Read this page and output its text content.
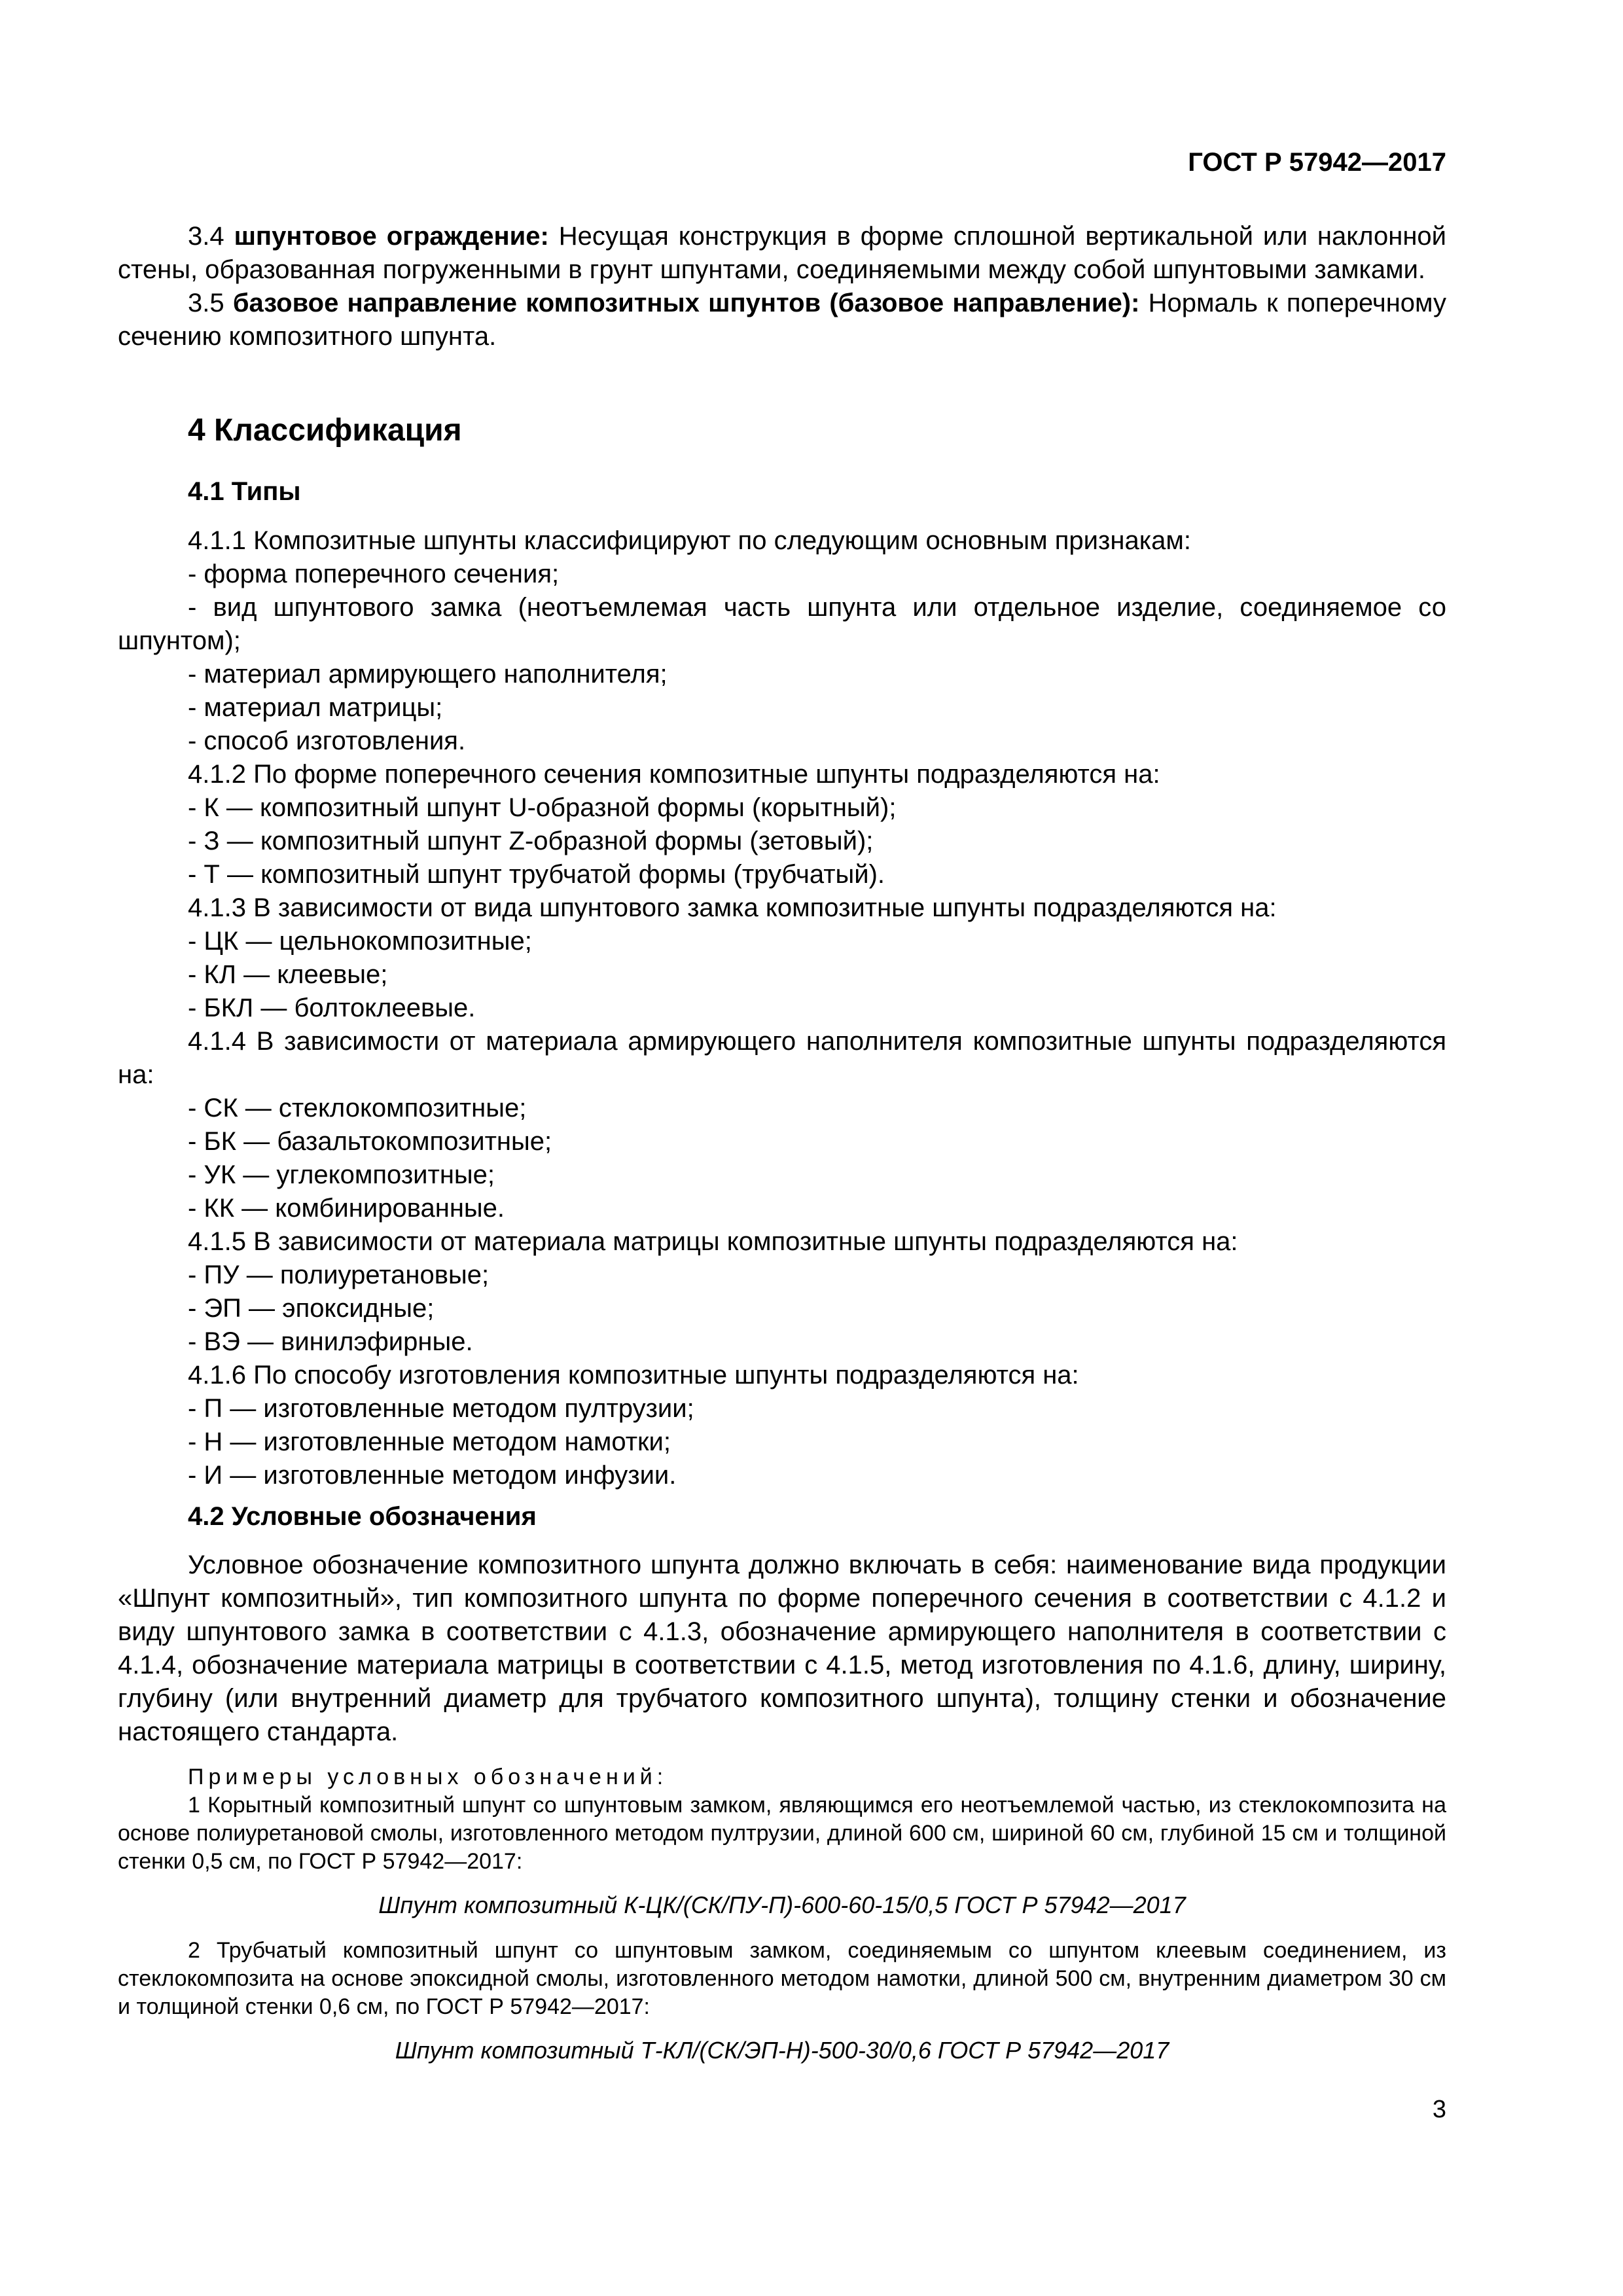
ГОСТ Р 57942—2017

3.4 шпунтовое ограждение: Несущая конструкция в форме сплошной вертикальной или наклонной стены, образованная погруженными в грунт шпунтами, соединяемыми между собой шпунтовыми замками.

3.5 базовое направление композитных шпунтов (базовое направление): Нормаль к поперечному сечению композитного шпунта.

4 Классификация

4.1 Типы

4.1.1 Композитные шпунты классифицируют по следующим основным признакам:

- форма поперечного сечения;

- вид шпунтового замка (неотъемлемая часть шпунта или отдельное изделие, соединяемое со шпунтом);

- материал армирующего наполнителя;

- материал матрицы;

- способ изготовления.

4.1.2 По форме поперечного сечения композитные шпунты подразделяются на:

- К — композитный шпунт U-образной формы (корытный);

- З — композитный шпунт Z-образной формы (зетовый);

- Т — композитный шпунт трубчатой формы (трубчатый).

4.1.3 В зависимости от вида шпунтового замка композитные шпунты подразделяются на:

- ЦК — цельнокомпозитные;

- КЛ — клеевые;

- БКЛ — болтоклеевые.

4.1.4 В зависимости от материала армирующего наполнителя композитные шпунты подразделяются на:

- СК — стеклокомпозитные;

- БК — базальтокомпозитные;

- УК — углекомпозитные;

- КК — комбинированные.

4.1.5 В зависимости от материала матрицы композитные шпунты подразделяются на:

- ПУ — полиуретановые;

- ЭП — эпоксидные;

- ВЭ — винилэфирные.

4.1.6 По способу изготовления композитные шпунты подразделяются на:

- П — изготовленные методом пултрузии;

- Н — изготовленные методом намотки;

- И — изготовленные методом инфузии.

4.2 Условные обозначения

Условное обозначение композитного шпунта должно включать в себя: наименование вида продукции «Шпунт композитный», тип композитного шпунта по форме поперечного сечения в соответствии с 4.1.2 и виду шпунтового замка в соответствии с 4.1.3, обозначение армирующего наполнителя в соответствии с 4.1.4, обозначение материала матрицы в соответствии с 4.1.5, метод изготовления по 4.1.6, длину, ширину, глубину (или внутренний диаметр для трубчатого композитного шпунта), толщину стенки и обозначение настоящего стандарта.

Примеры условных обозначений:

1 Корытный композитный шпунт со шпунтовым замком, являющимся его неотъемлемой частью, из стеклокомпозита на основе полиуретановой смолы, изготовленного методом пултрузии, длиной 600 см, шириной 60 см, глубиной 15 см и толщиной стенки 0,5 см, по ГОСТ Р 57942—2017:

Шпунт композитный К-ЦК/(СК/ПУ-П)-600-60-15/0,5 ГОСТ Р 57942—2017

2 Трубчатый композитный шпунт со шпунтовым замком, соединяемым со шпунтом клеевым соединением, из стеклокомпозита на основе эпоксидной смолы, изготовленного методом намотки, длиной 500 см, внутренним диаметром 30 см и толщиной стенки 0,6 см, по ГОСТ Р 57942—2017:

Шпунт композитный Т-КЛ/(СК/ЭП-Н)-500-30/0,6 ГОСТ Р 57942—2017

3
